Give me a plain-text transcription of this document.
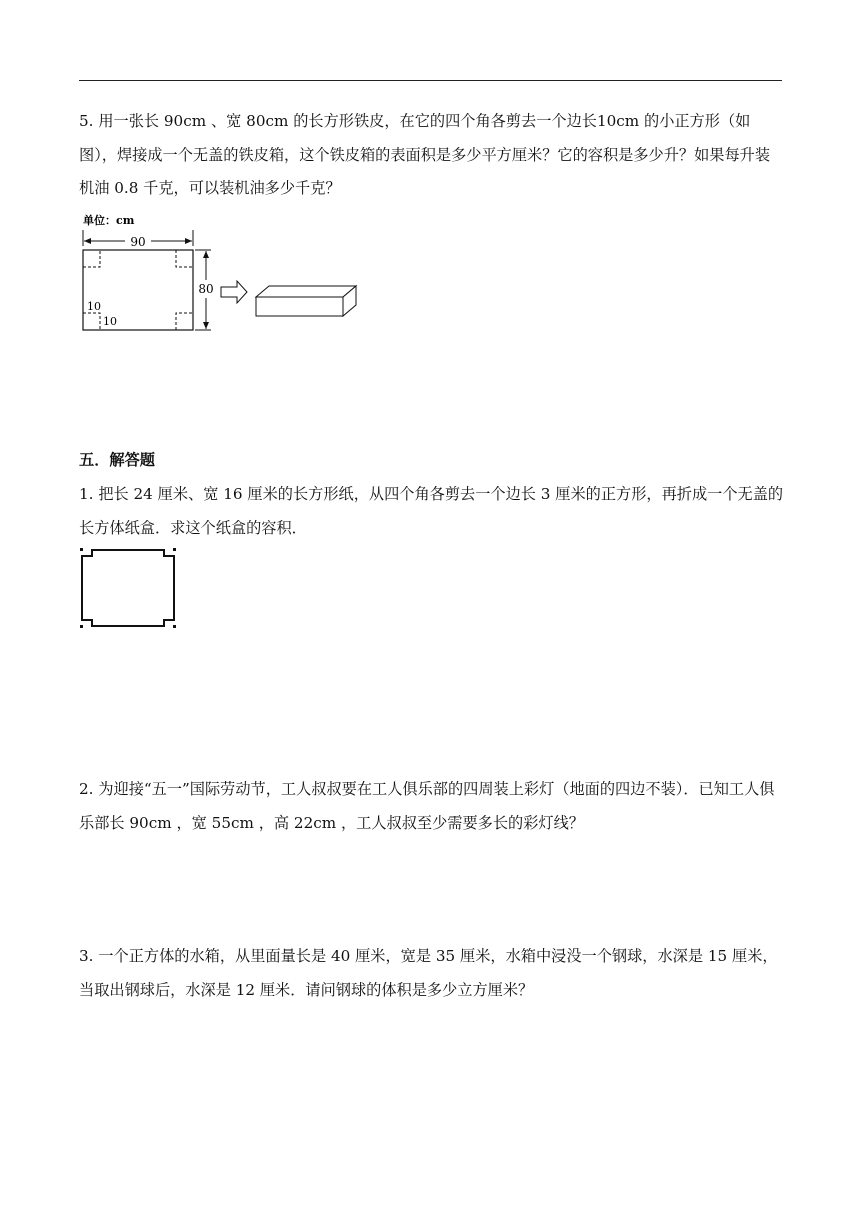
5. 用一张长 90cm 、宽 80cm 的长方形铁皮，在它的四个角各剪去一个边长10cm 的小正方形（如图），焊接成一个无盖的铁皮箱，这个铁皮箱的表面积是多少平方厘米？它的容积是多少升？如果每升装机油 0.8 千克，可以装机油多少千克？

单位：cm
90
10
10
80
五．解答题

1. 把长 24 厘米、宽 16 厘米的长方形纸，从四个角各剪去一个边长 3 厘米的正方形，再折成一个无盖的长方体纸盒．求这个纸盒的容积．

2. 为迎接“五一”国际劳动节，工人叔叔要在工人俱乐部的四周装上彩灯（地面的四边不装）．已知工人俱乐部长 90cm ，宽 55cm ，高 22cm ，工人叔叔至少需要多长的彩灯线？

3. 一个正方体的水箱，从里面量长是 40 厘米，宽是 35 厘米，水箱中浸没一个钢球，水深是 15 厘米，当取出钢球后，水深是 12 厘米．请问钢球的体积是多少立方厘米？
